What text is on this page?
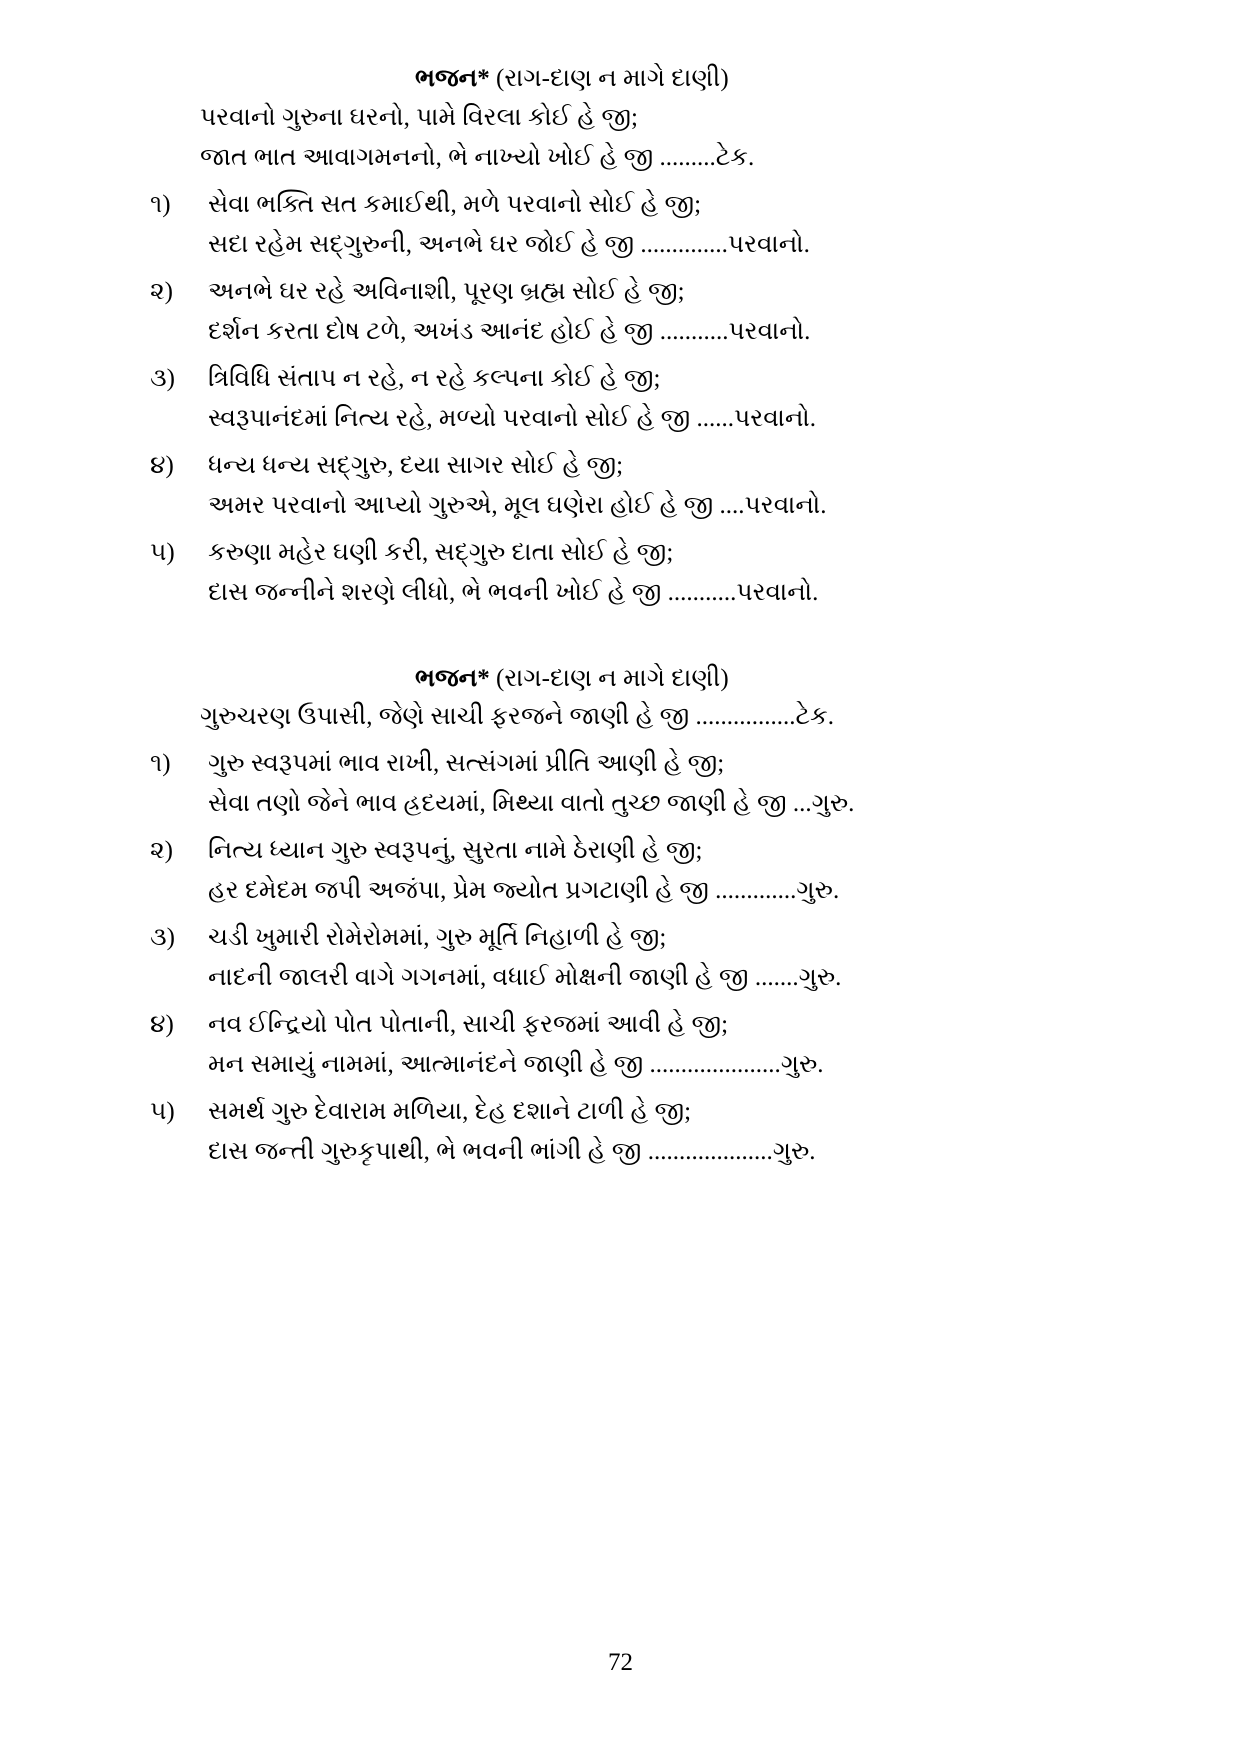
ભજન* (રાગ-દાણ ન માગે દાણી)
પરવાનો ગુરુના ઘરનો, પામે વિરલા કોઈ હે જી;
જાત ભાત આવાગમનનો, ભે નાખ્યો ખોઈ હે જી .........ટેક.
૧)	સેવા ભક્તિ સત કમાઈથી, મળે પરવાનો સોઈ હે જી;
સદા રહેમ સદ્‌ગુરુની, અનભે ઘર જોઈ હે જી ..............પરવાનો.
૨)	અનભે ઘર રહે અવિનાશી, પૂરણ બ્રહ્મ સોઈ હે જી;
દર્શન કરતા દોષ ટળે, અખંડ આનંદ હોઈ હે જી ...........પરવાનો.
૩)	ત્રિવિધિ સંતાપ ન રહે, ન રહે કલ્પના કોઈ હે જી;
સ્વરૂપાનંદમાં નિત્ય રહે, મળ્યો પરવાનો સોઈ હે જી ......પરવાનો.
૪)	ધન્ય ધન્ય સદ્‌ગુરુ, દયા સાગર સોઈ હે જી;
અમર પરવાનો આપ્યો ગુરુએ, મૂલ ઘણેરા હોઈ હે જી ....પરવાનો.
૫)	કરુણા મહેર ઘણી કરી, સદ્‌ગુરુ દાતા સોઈ હે જી;
દાસ જન્નીને શરણે લીધો, ભે ભવની ખોઈ હે જી ...........પરવાનો.
ભજન* (રાગ-દાણ ન માગે દાણી)
ગુરુચરણ ઉપાસી, જેણે સાચી ફરજને જાણી હે જી ................ટેક.
૧)	ગુરુ સ્વરૂપમાં ભાવ રાખી, સત્સંગમાં પ્રીતિ આણી હે જી;
સેવા તણો જેને ભાવ હ્રદયમાં, મિથ્યા વાતો તુચ્છ જાણી હે જી ...ગુરુ.
૨)	નિત્ય ધ્યાન ગુરુ સ્વરૂપનું, સુરતા નામે ઠેરાણી હે જી;
હર દમેદમ જપી અજંપા, પ્રેમ જ્યોત પ્રગટાણી હે જી .............ગુરુ.
૩)	ચડી ખુમારી રોમેરોમમાં, ગુરુ મૂર્તિ નિહાળી હે જી;
નાદની જાલરી વાગે ગગનમાં, વધાઈ મોક્ષની જાણી હે જી .......ગુરુ.
૪)	નવ ઈન્દ્રિયો પોત પોતાની, સાચી ફરજમાં આવી હે જી;
મન સમાયું નામમાં, આત્માનંદને જાણી હે જી .....................ગુરુ.
૫)	સમર્થ ગુરુ દેવારામ મળિયા, દેહ દશાને ટાળી હે જી;
દાસ જન્તી ગુરુકૃપાથી, ભે ભવની ભાંગી હે જી ....................ગુરુ.
72
